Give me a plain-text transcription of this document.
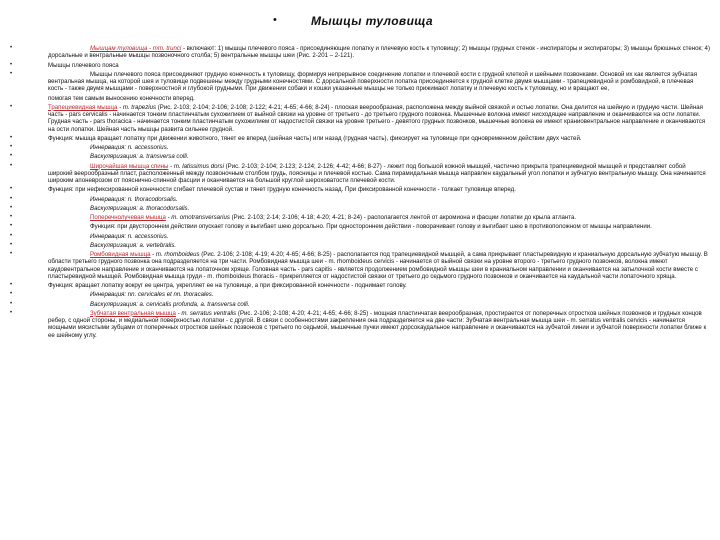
•	Мышцы туловища
•	Мышцам туловища - mm. trunci - включают: 1) мышцы плечевого пояса - присоединяющие лопатку и плечевую кость к туловищу; 2) мышцы грудных стенок - инспираторы и экспираторы; 3) мышцы брюшных стенок; 4) дорсальные и вентральные мышцы позвоночного столба; 5) вентральные мышцы шеи (Рис. 2-201 – 2-121).
•	Мышцы плечевого пояса
•	Мышцы плечевого пояса присоединяют грудную конечность к туловищу, формируя непрерывное соединение лопатки и плечевой кости с грудной клеткой и шейными позвонками. Основой их как является зубчатая вентральная мышца, на которой шея и туловище подвешены между грудными конечностями. С дорсальной поверхности лопатка присоединяется к грудной клетке двумя мышцами - трапециевидной и ромбовидной, в плечевая кость - также двумя мышцами - поверхностной и глубокой грудными. При движении собаки и кошки указанные мышцы не только прижимают лопатку и плечевую кость к туловищу, но и вращают ее,
помогая тем самым выносению конечности вперед.
•	Трапециевидная мышца - m. trapezius (Рис. 2-103; 2-104; 2-106; 2-108; 2-122; 4-21; 4-65; 4-66; 8-24) - плоская веерообразная, расположена между выйной связкой и остью лопатки. Она делится на шейную и грудную части. Шейная часть - pars cervicalis - начинается тонким пластинчатым сухожилием от выйной связки на уровне от третьего - до третьего грудного позвонка. Мышечные волокна имеют нисходящее направление и оканчиваются на ости лопатки. Грудная часть - pars thoracica - начинается тонким пластинчатым сухожилием от надостистой связки на уровне третьего - девятого грудных позвонков, мышечные волокна ее имеют краниовентральное направление и оканчиваются на ости лопатки. Шейная часть мышцы развита сильнее грудной.
•	Функция: мышца вращает лопатку при движении животного, тянет ее вперед (шейная часть) или назад (грудная часть), фиксирует на туловище при одновременном действии двух частей.
•	Иннервация: n. accessorius.
•	Васкуляризация: a. transversa colli.
•	Широчайшая мышца спины - m. latissimus dorsi (Рис. 2-103; 2-104; 2-123; 2-124; 2-126; 4-42; 4-66; 8-27) - лежит под большой кожной мышцей, частично прикрыта трапециевидной мышцей и представляет собой широкий веерообразный пласт, расположенный между позвоночным столбом грудь, поясницы и плечевой костью. Сама пирамидальная мышца направлен каудальный угол лопатки и зубчатую вентральную мышцу. Она начинается широким апоневрозом от пояснично-спинной фасции и оканчивается на большой круглой шероховатости плечевой кости.
•	Функция: при нефиксированной конечности сгибает плечевой сустав и тянет грудную конечность назад. При фиксированной конечности - толкает туловище вперед.
•	Иннервация: n. thoracodorsalis.
•	Васкуляризация: a. thoracodorsalis.
•	Поперечнолучевая мышца - m. omotransversarius (Рис. 2-103; 2-14; 2-106; 4-18; 4-20; 4-21; 8-24) - располагается лентой от акромиона и фасции лопатки до крыла атланта.
•	Функция: при двустороннем действии опускает голову и выгибает шею дорсально. При одностороннем действии - поворачивает голову и выгибает шею в противоположном от мышцы направлении.
•	Иннервация: n. accessorius.
•	Васкуляризация: a. vertebralis.
•	Ромбовидная мышца - m. rhomboideus (Рис. 2-106; 2-108; 4-19; 4-20; 4-65; 4-66; 8-25) - располагается под трапециевидной мышцей, а сама прикрывает пластыревидную и краниальную дорсальную зубчатую мышцу. В области третьего грудного позвонка она подразделяется на три части. Ромбовидная мышца шеи - m. rhomboideus cervicis - начинается от выйной связки на уровне второго - третьего грудного позвонков, волокна имеют каудовентральное направление и оканчиваются на лопаточном хряще. Головная часть - pars capitis - является продолжением ромбовидной мышцы шеи в краниальном направлении и оканчивается на затылочной кости вместе с пластыревидной мышцей. Ромбовидная мышца груди - m. rhomboideus thoracis - прикрепляется от надостистой связки от третьего до седьмого грудного позвонков и оканчивается на каудальной части лопаточного хряща.
•	Функция: вращает лопатку вокруг ее центра, укрепляет ее на туловище, а при фиксированной конечности - поднимает голову.
•	Иннервация: nn. cervicales et nn. thoracales.
•	Васкуляризация: a. cervicalis profunda, a. transversa colli.
•	Зубчатая вентральная мышца - m. serratus ventralis (Рис. 2-106; 2-108; 4-20; 4-21; 4-65; 4-66; 8-25) - мощная пластинчатая веерообразная, простирается от поперечных отростков шейных позвонков и грудных концов ребер, с одной стороны, и медиальной поверхностью лопатки - с другой. В связи с особенностями закрепления она подразделяется на две части: Зубчатая вентральная мышца шеи - m. serratus ventralis cervicis - начинается мощными мясистыми зубцами от поперечных отростков шейных позвонков с третьего по седьмой, мышечные пучки имеют дорсокаудальное направление и оканчиваются на зубчатой линии и зубчатой поверхности лопатки ближе к ее шейному углу.
